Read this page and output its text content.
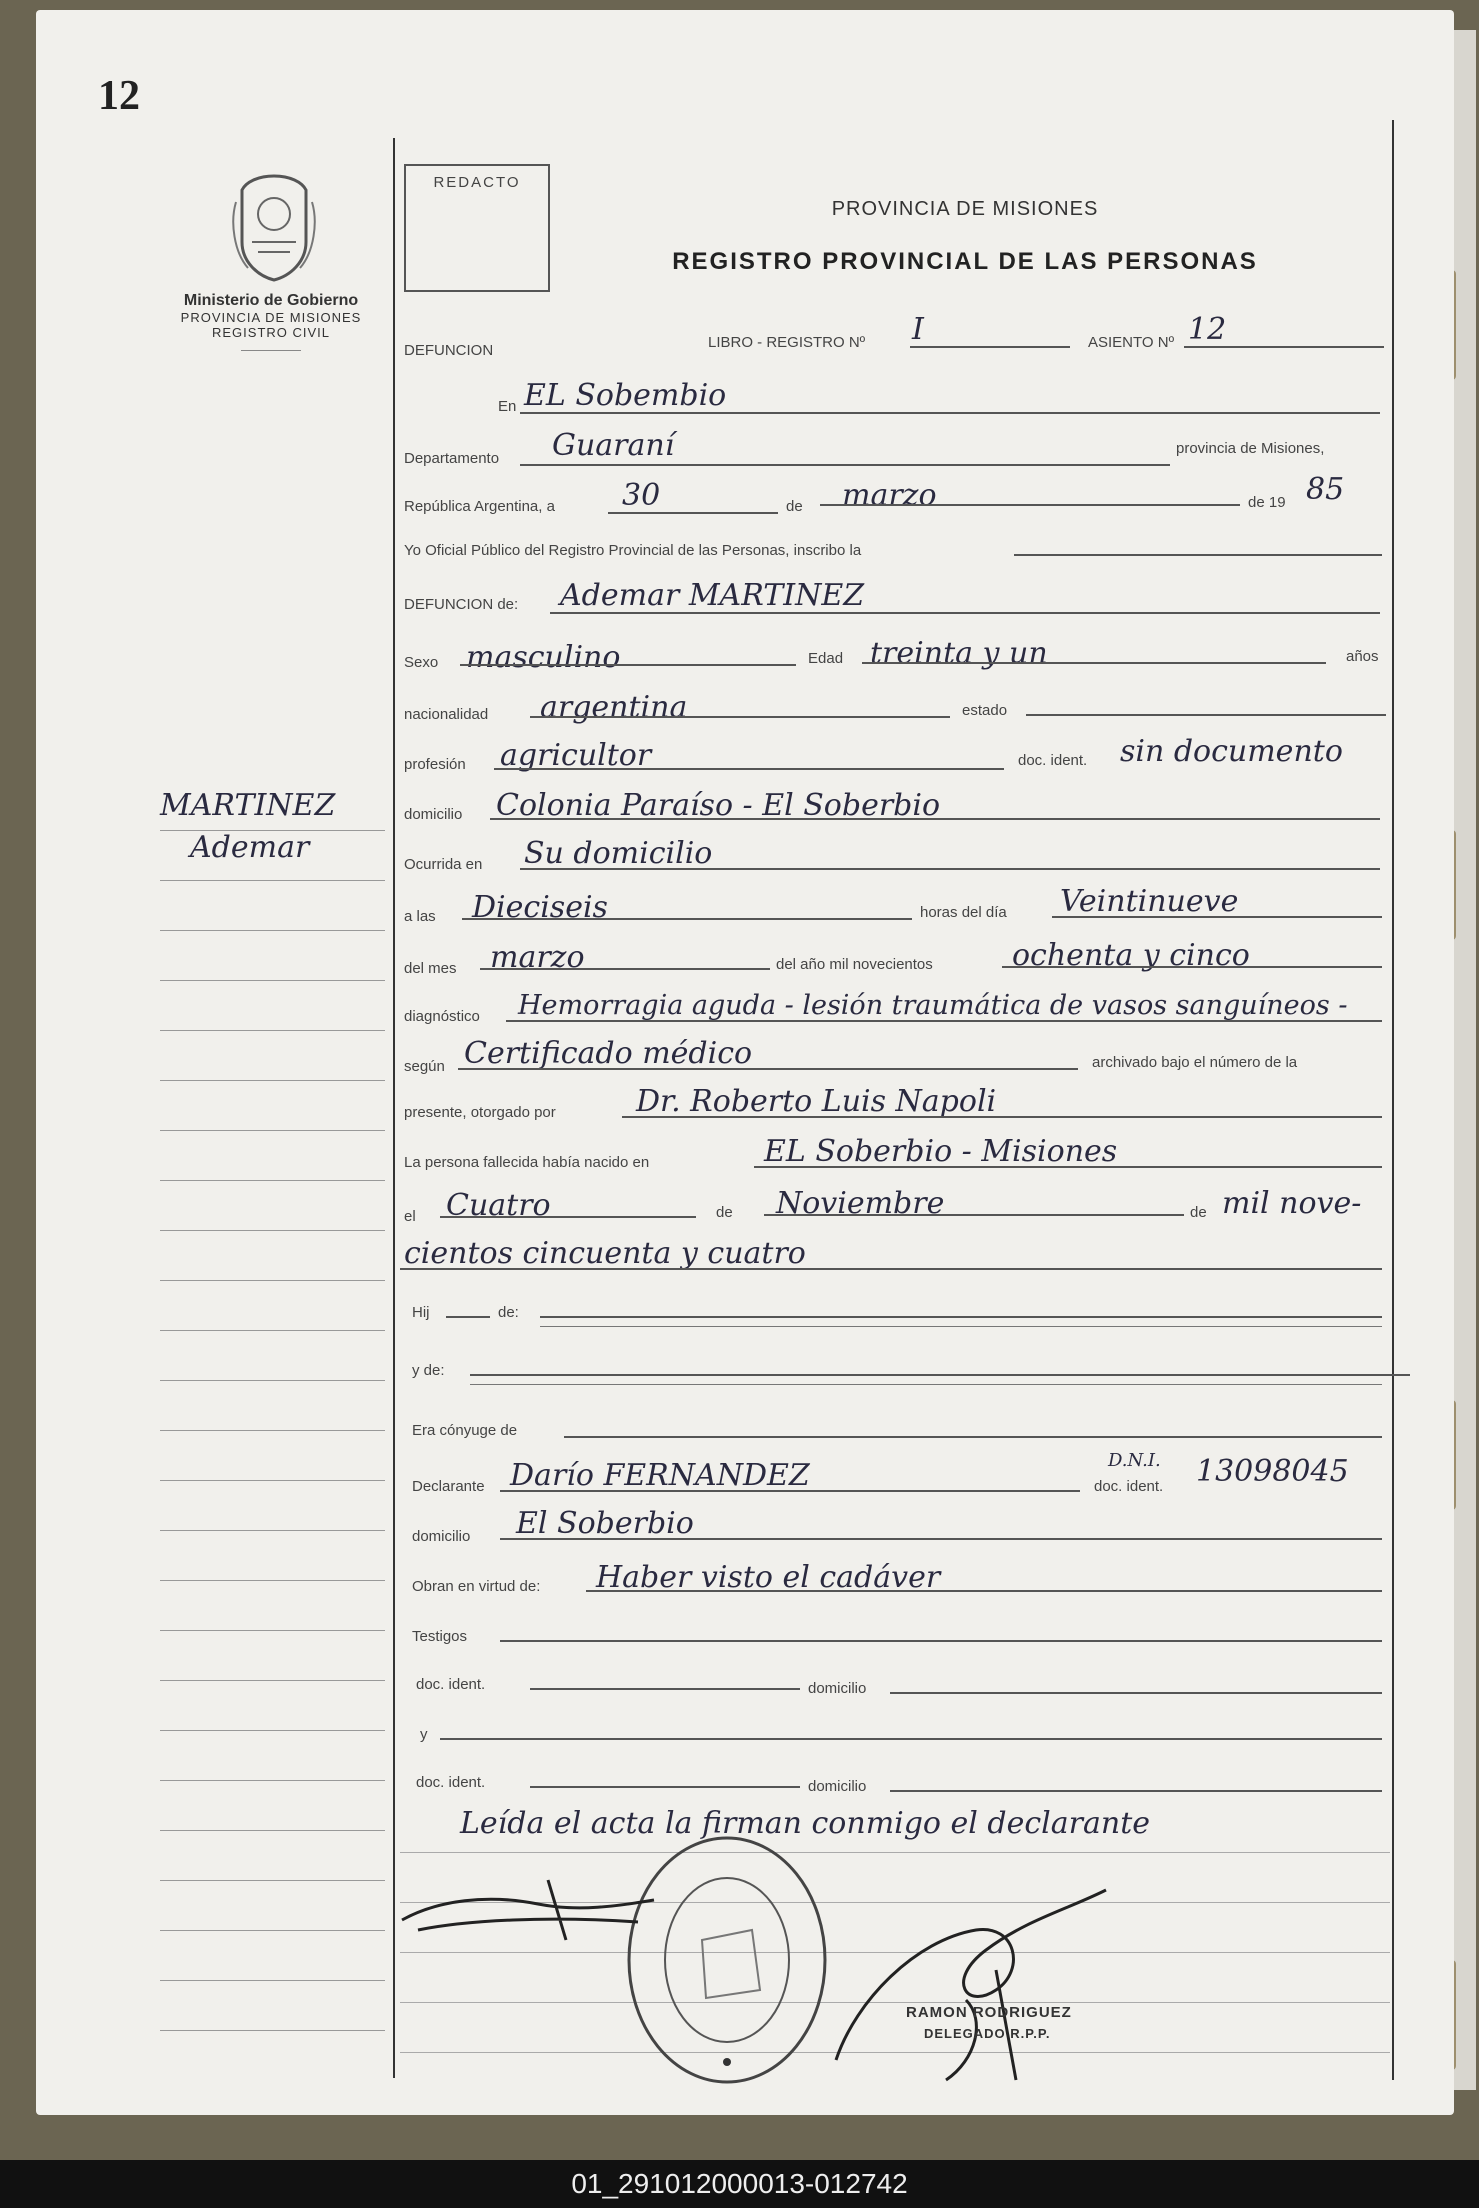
12
Ministerio de Gobierno
PROVINCIA DE MISIONES
REGISTRO CIVIL
REDACTO
PROVINCIA DE MISIONES
REGISTRO PROVINCIAL DE LAS PERSONAS
DEFUNCION	LIBRO - REGISTRO Nº I	ASIENTO Nº 12
En EL Sobeтbio
Departamento Guaraní	provincia de Misiones,
República Argentina, a 30	de marzo	de 19 85
Yo Oficial Público del Registro Provincial de las Personas, inscribo la
DEFUNCION de: Ademar MARTINEZ
Sexo masculino	Edad treinta y un	años
nacionalidad argentina	estado
profesión agricultor	doc. ident. sin documento
domicilio Colonia Paraíso - El Soberbio
Ocurrida en Su domicilio
a las Dieciseis	horas del día Veintinueve
del mes marzo	del año mil novecientos	ochenta y cinco
diagnóstico Hemorragia aguda - lesión traumática de vasos sanguíneos -
según Certificado médico	archivado bajo el número de la
presente, otorgado por	Dr. Roberto Luis Napoli
La persona fallecida había nacido en	EL Soberbio - Misiones
el Cuatro	de Noviembre	de mil nove-
cientos cincuenta y cuatro
Hij	de:
y de:
Era cónyuge de
Declarante Darío FERNANDEZ	D.N.I.
doc. ident. 13098045
domicilio El Soberbio
Obran en virtud de: Haber visto el cadáver
Testigos
doc. ident.	domicilio
y
doc. ident.	domicilio
Leída el acta la firman conmigo el declarante
MARTINEZ
Ademar
RAMON RODRIGUEZ
DELEGADO R.P.P.
01_291012000013-012742
